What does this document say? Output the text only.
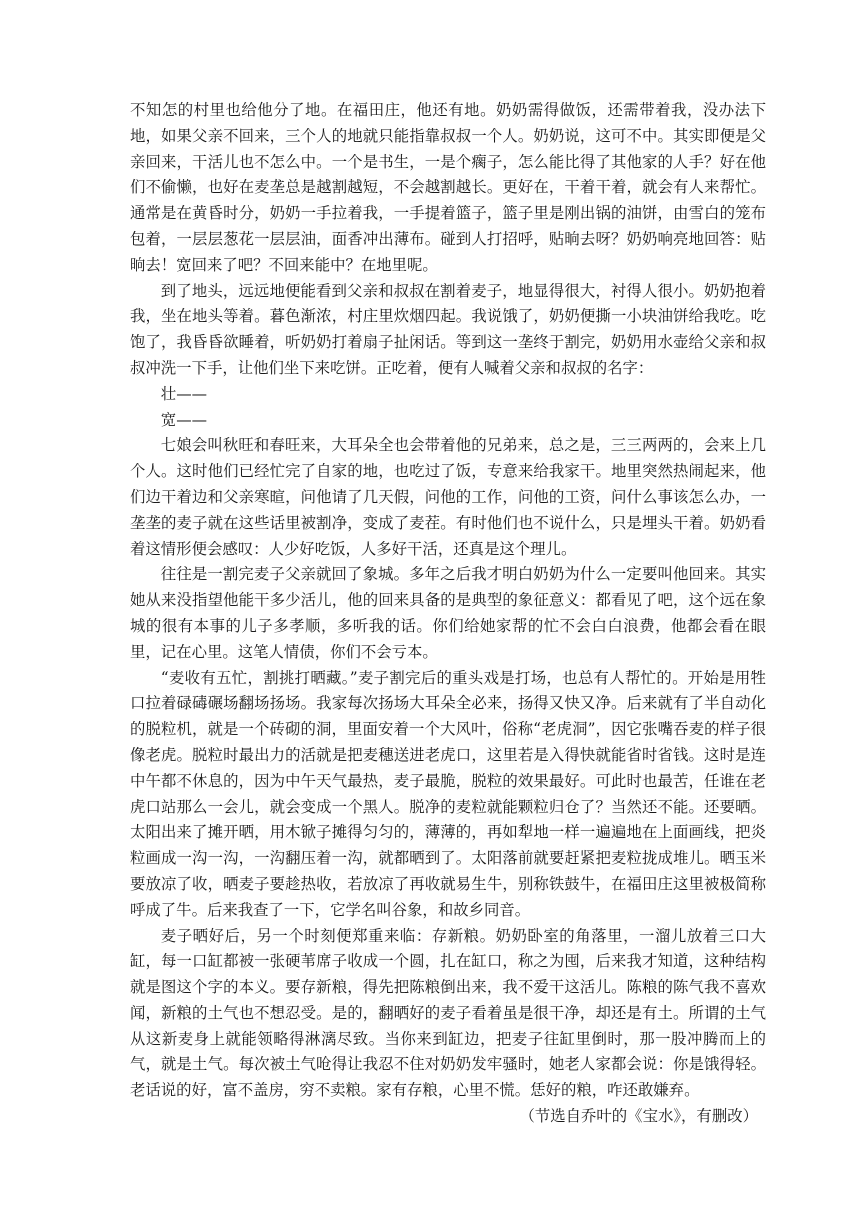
不知怎的村里也给他分了地。在福田庄，他还有地。奶奶需得做饭，还需带着我，没办法下地，如果父亲不回来，三个人的地就只能指靠叔叔一个人。奶奶说，这可不中。其实即便是父亲回来，干活儿也不怎么中。一个是书生，一是个瘸子，怎么能比得了其他家的人手？好在他们不偷懒，也好在麦垄总是越割越短，不会越割越长。更好在，干着干着，就会有人来帮忙。通常是在黄昏时分，奶奶一手拉着我，一手提着篮子，篮子里是刚出锅的油饼，由雪白的笼布包着，一层层葱花一层层油，面香冲出薄布。碰到人打招呼，贴晌去呀？奶奶响亮地回答：贴晌去！宽回来了吧？不回来能中？在地里呢。

到了地头，远远地便能看到父亲和叔叔在割着麦子，地显得很大，衬得人很小。奶奶抱着我，坐在地头等着。暮色渐浓，村庄里炊烟四起。我说饿了，奶奶便撕一小块油饼给我吃。吃饱了，我昏昏欲睡着，听奶奶打着扇子扯闲话。等到这一垄终于割完，奶奶用水壶给父亲和叔叔冲洗一下手，让他们坐下来吃饼。正吃着，便有人喊着父亲和叔叔的名字：

壮——

宽——

七娘会叫秋旺和春旺来，大耳朵全也会带着他的兄弟来，总之是，三三两两的，会来上几个人。这时他们已经忙完了自家的地，也吃过了饭，专意来给我家干。地里突然热闹起来，他们边干着边和父亲寒暄，问他请了几天假，问他的工作，问他的工资，问什么事该怎么办，一垄垄的麦子就在这些话里被割净，变成了麦茬。有时他们也不说什么，只是埋头干着。奶奶看着这情形便会感叹：人少好吃饭，人多好干活，还真是这个理儿。

往往是一割完麦子父亲就回了象城。多年之后我才明白奶奶为什么一定要叫他回来。其实她从来没指望他能干多少活儿，他的回来具备的是典型的象征意义：都看见了吧，这个远在象城的很有本事的儿子多孝顺，多听我的话。你们给她家帮的忙不会白白浪费，他都会看在眼里，记在心里。这笔人情债，你们不会亏本。

“麦收有五忙，割挑打晒藏。”麦子割完后的重头戏是打场，也总有人帮忙的。开始是用牲口拉着碌碡碾场翻场扬场。我家每次扬场大耳朵全必来，扬得又快又净。后来就有了半自动化的脱粒机，就是一个砖砌的洞，里面安着一个大风叶，俗称“老虎洞”，因它张嘴吞麦的样子很像老虎。脱粒时最出力的活就是把麦穗送进老虎口，这里若是入得快就能省时省钱。这时是连中午都不休息的，因为中午天气最热，麦子最脆，脱粒的效果最好。可此时也最苦，任谁在老虎口站那么一会儿，就会变成一个黑人。脱净的麦粒就能颗粒归仓了？当然还不能。还要晒。太阳出来了摊开晒，用木锨子摊得匀匀的，薄薄的，再如犁地一样一遍遍地在上面画线，把炎粒画成一沟一沟，一沟翻压着一沟，就都晒到了。太阳落前就要赶紧把麦粒拢成堆儿。晒玉米要放凉了收，晒麦子要趁热收，若放凉了再收就易生牛，别称铁鼓牛，在福田庄这里被极简称呼成了牛。后来我查了一下，它学名叫谷象，和故乡同音。

麦子晒好后，另一个时刻便郑重来临：存新粮。奶奶卧室的角落里，一溜儿放着三口大缸，每一口缸都被一张硬苇席子收成一个圆，扎在缸口，称之为囤，后来我才知道，这种结构就是图这个字的本义。要存新粮，得先把陈粮倒出来，我不爱干这活儿。陈粮的陈气我不喜欢闻，新粮的土气也不想忍受。是的，翻晒好的麦子看着虽是很干净，却还是有土。所谓的土气从这新麦身上就能领略得淋漓尽致。当你来到缸边，把麦子往缸里倒时，那一股冲腾而上的气，就是土气。每次被土气呛得让我忍不住对奶奶发牢骚时，她老人家都会说：你是饿得轻。老话说的好，富不盖房，穷不卖粮。家有存粮，心里不慌。恁好的粮，咋还敢嫌弃。

（节选自乔叶的《宝水》，有删改）
